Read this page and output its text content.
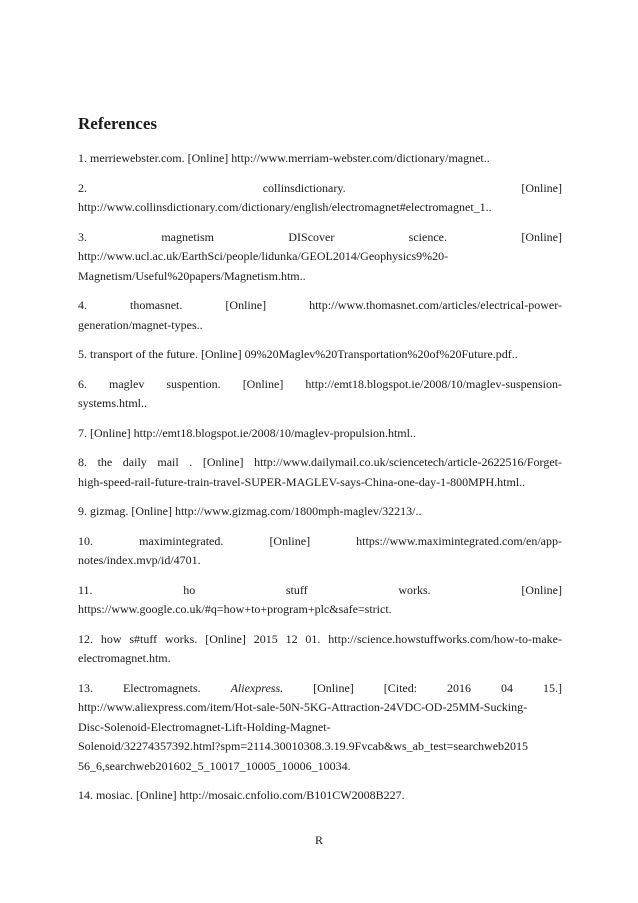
References
1. merriewebster.com. [Online] http://www.merriam-webster.com/dictionary/magnet..
2. collinsdictionary. [Online]
http://www.collinsdictionary.com/dictionary/english/electromagnet#electromagnet_1..
3. magnetism DIScover science. [Online]
http://www.ucl.ac.uk/EarthSci/people/lidunka/GEOL2014/Geophysics9%20-
Magnetism/Useful%20papers/Magnetism.htm..
4. thomasnet. [Online] http://www.thomasnet.com/articles/electrical-power-
generation/magnet-types..
5. transport of the future. [Online] 09%20Maglev%20Transportation%20of%20Future.pdf..
6. maglev suspention. [Online] http://emt18.blogspot.ie/2008/10/maglev-suspension-
systems.html..
7. [Online] http://emt18.blogspot.ie/2008/10/maglev-propulsion.html..
8. the daily mail . [Online] http://www.dailymail.co.uk/sciencetech/article-2622516/Forget-
high-speed-rail-future-train-travel-SUPER-MAGLEV-says-China-one-day-1-800MPH.html..
9. gizmag. [Online] http://www.gizmag.com/1800mph-maglev/32213/..
10. maximintegrated. [Online] https://www.maximintegrated.com/en/app-
notes/index.mvp/id/4701.
11. ho stuff works. [Online]
https://www.google.co.uk/#q=how+to+program+plc&safe=strict.
12. how s#tuff works. [Online] 2015 12 01. http://science.howstuffworks.com/how-to-make-
electromagnet.htm.
13. Electromagnets. Aliexpress. [Online] [Cited: 2016 04 15.]
http://www.aliexpress.com/item/Hot-sale-50N-5KG-Attraction-24VDC-OD-25MM-Sucking-
Disc-Solenoid-Electromagnet-Lift-Holding-Magnet-
Solenoid/32274357392.html?spm=2114.30010308.3.19.9Fvcab&ws_ab_test=searchweb2015
56_6,searchweb201602_5_10017_10005_10006_10034.
14. mosiac. [Online] http://mosaic.cnfolio.com/B101CW2008B227.
R
